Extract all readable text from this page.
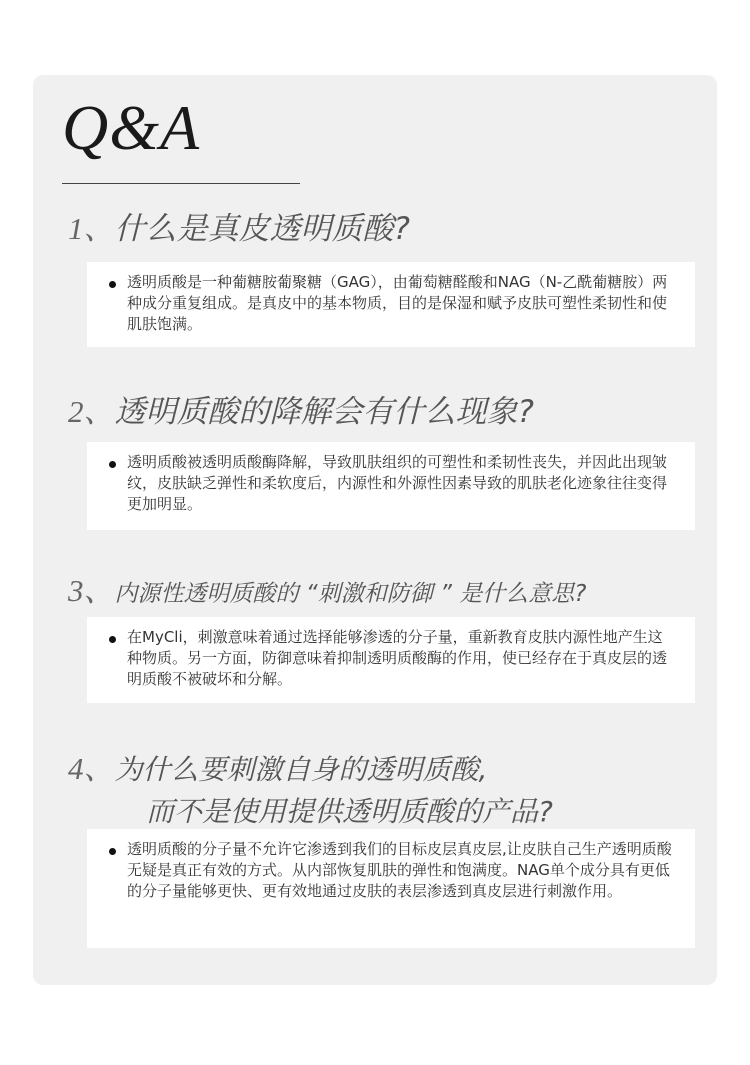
Q&A
1、什么是真皮透明质酸?

透明质酸是一种葡糖胺葡聚糖（GAG），由葡萄糖醛酸和NAG（N-乙酰葡糖胺）两种成分重复组成。是真皮中的基本物质，目的是保湿和赋予皮肤可塑性柔韧性和使肌肤饱满。

2、透明质酸的降解会有什么现象?

透明质酸被透明质酸酶降解，导致肌肤组织的可塑性和柔韧性丧失，并因此出现皱纹，皮肤缺乏弹性和柔软度后，内源性和外源性因素导致的肌肤老化迹象往往变得更加明显。

3、内源性透明质酸的 “刺激和防御 ” 是什么意思?

在MyCli，刺激意味着通过选择能够渗透的分子量，重新教育皮肤内源性地产生这种物质。另一方面，防御意味着抑制透明质酸酶的作用，使已经存在于真皮层的透明质酸不被破坏和分解。

4、为什么要刺激自身的透明质酸,
而不是使用提供透明质酸的产品?

透明质酸的分子量不允许它渗透到我们的目标皮层真皮层,让皮肤自己生产透明质酸无疑是真正有效的方式。从内部恢复肌肤的弹性和饱满度。NAG单个成分具有更低的分子量能够更快、更有效地通过皮肤的表层渗透到真皮层进行刺激作用。
